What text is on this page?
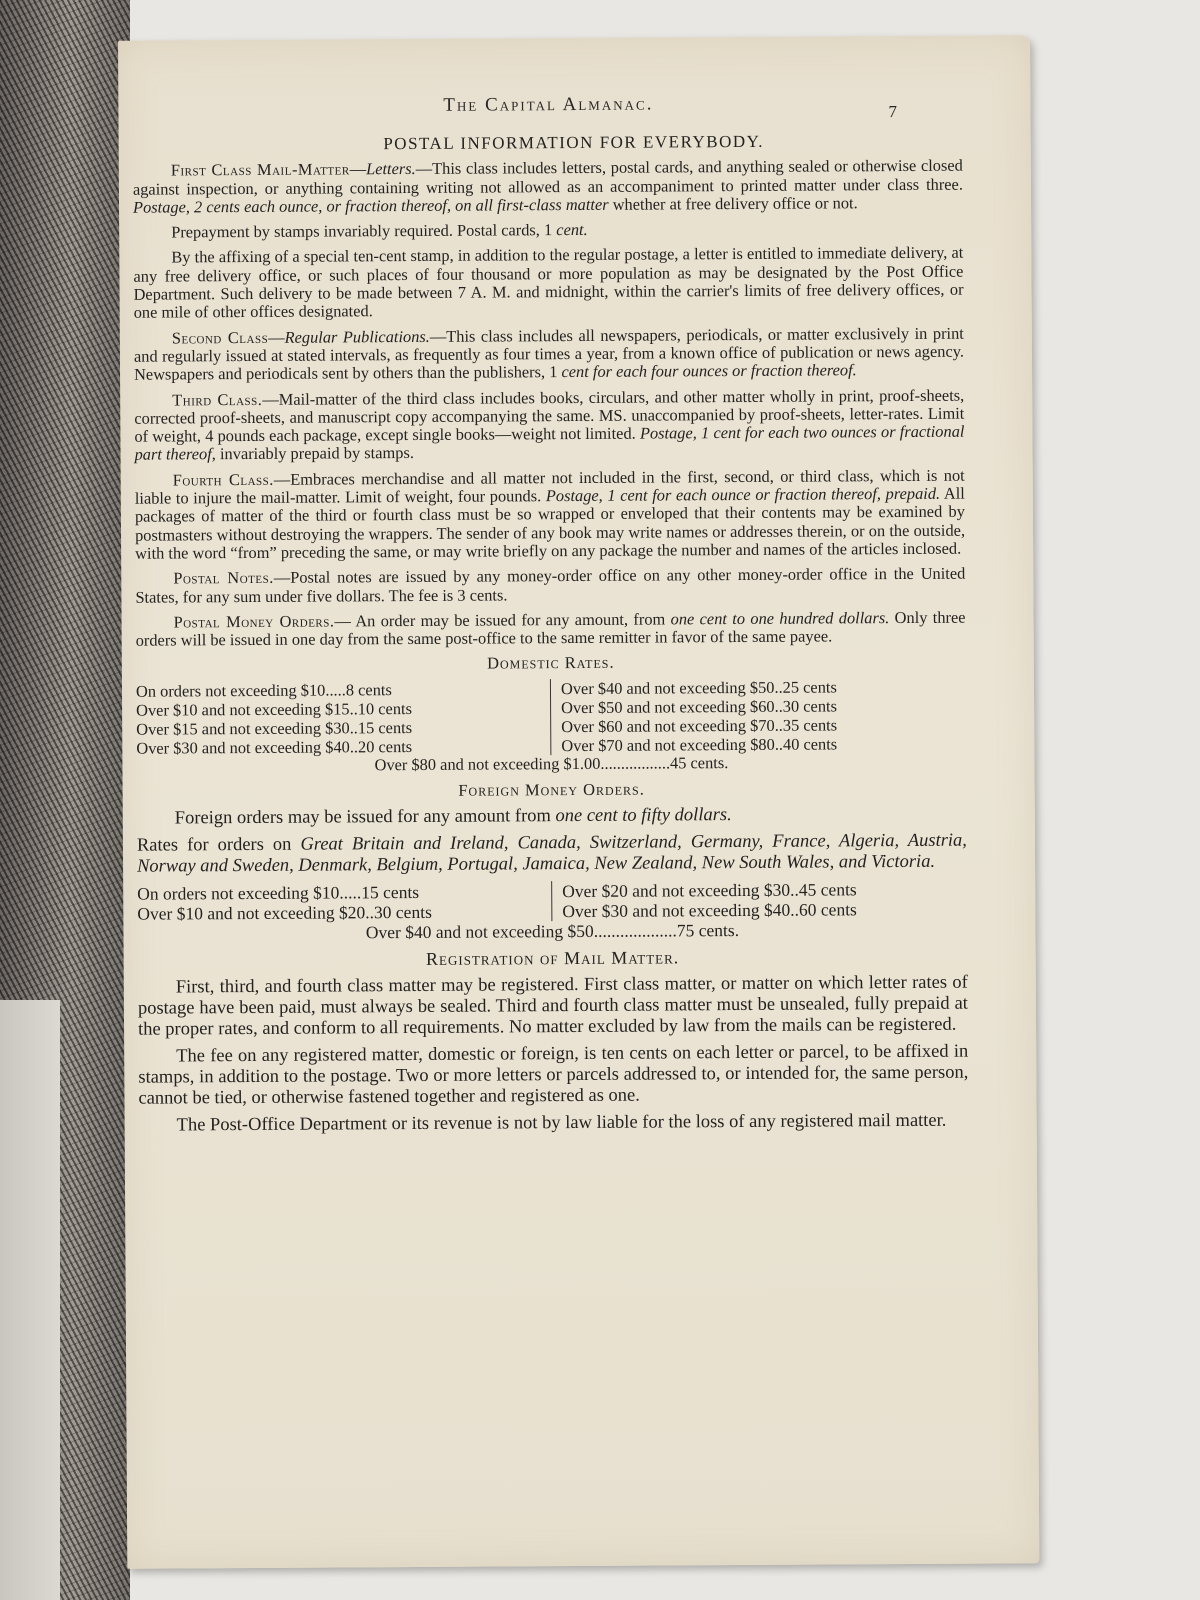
The Capital Almanac.	7
POSTAL INFORMATION FOR EVERYBODY.

First Class Mail-Matter—Letters.—This class includes letters, postal cards, and anything sealed or otherwise closed against inspection, or anything containing writing not allowed as an accompaniment to printed matter under class three. Postage, 2 cents each ounce, or fraction thereof, on all first-class matter whether at free delivery office or not.

Prepayment by stamps invariably required. Postal cards, 1 cent.

By the affixing of a special ten-cent stamp, in addition to the regular postage, a letter is entitled to immediate delivery, at any free delivery office, or such places of four thousand or more population as may be designated by the Post Office Department. Such delivery to be made between 7 A. M. and midnight, within the carrier's limits of free delivery offices, or one mile of other offices designated.

Second Class—Regular Publications.—This class includes all newspapers, periodicals, or matter exclusively in print and regularly issued at stated intervals, as frequently as four times a year, from a known office of publication or news agency. Newspapers and periodicals sent by others than the publishers, 1 cent for each four ounces or fraction thereof.

Third Class.—Mail-matter of the third class includes books, circulars, and other matter wholly in print, proof-sheets, corrected proof-sheets, and manuscript copy accompanying the same. MS. unaccompanied by proof-sheets, letter-rates. Limit of weight, 4 pounds each package, except single books—weight not limited. Postage, 1 cent for each two ounces or fractional part thereof, invariably prepaid by stamps.

Fourth Class.—Embraces merchandise and all matter not included in the first, second, or third class, which is not liable to injure the mail-matter. Limit of weight, four pounds. Postage, 1 cent for each ounce or fraction thereof, prepaid. All packages of matter of the third or fourth class must be so wrapped or enveloped that their contents may be examined by postmasters without destroying the wrappers. The sender of any book may write names or addresses therein, or on the outside, with the word “from” preceding the same, or may write briefly on any package the number and names of the articles inclosed.

Postal Notes.—Postal notes are issued by any money-order office on any other money-order office in the United States, for any sum under five dollars. The fee is 3 cents.

Postal Money Orders.— An order may be issued for any amount, from one cent to one hundred dollars. Only three orders will be issued in one day from the same post-office to the same remitter in favor of the same payee.

Domestic Rates.
On orders not exceeding $10.....8 cents
Over $10 and not exceeding $15..10 cents
Over $15 and not exceeding $30..15 cents
Over $30 and not exceeding $40..20 cents
Over $40 and not exceeding $50..25 cents
Over $50 and not exceeding $60..30 cents
Over $60 and not exceeding $70..35 cents
Over $70 and not exceeding $80..40 cents
Over $80 and not exceeding $1.00.................45 cents.
Foreign Money Orders.

Foreign orders may be issued for any amount from one cent to fifty dollars.

Rates for orders on Great Britain and Ireland, Canada, Switzerland, Germany, France, Algeria, Austria, Norway and Sweden, Denmark, Belgium, Portugal, Jamaica, New Zealand, New South Wales, and Victoria.

On orders not exceeding $10.....15 cents
Over $10 and not exceeding $20..30 cents
Over $20 and not exceeding $30..45 cents
Over $30 and not exceeding $40..60 cents
Over $40 and not exceeding $50...................75 cents.
Registration of Mail Matter.

First, third, and fourth class matter may be registered. First class matter, or matter on which letter rates of postage have been paid, must always be sealed. Third and fourth class matter must be unsealed, fully prepaid at the proper rates, and conform to all requirements. No matter excluded by law from the mails can be registered.

The fee on any registered matter, domestic or foreign, is ten cents on each letter or parcel, to be affixed in stamps, in addition to the postage. Two or more letters or parcels addressed to, or intended for, the same person, cannot be tied, or otherwise fastened together and registered as one.

The Post-Office Department or its revenue is not by law liable for the loss of any registered mail matter.
